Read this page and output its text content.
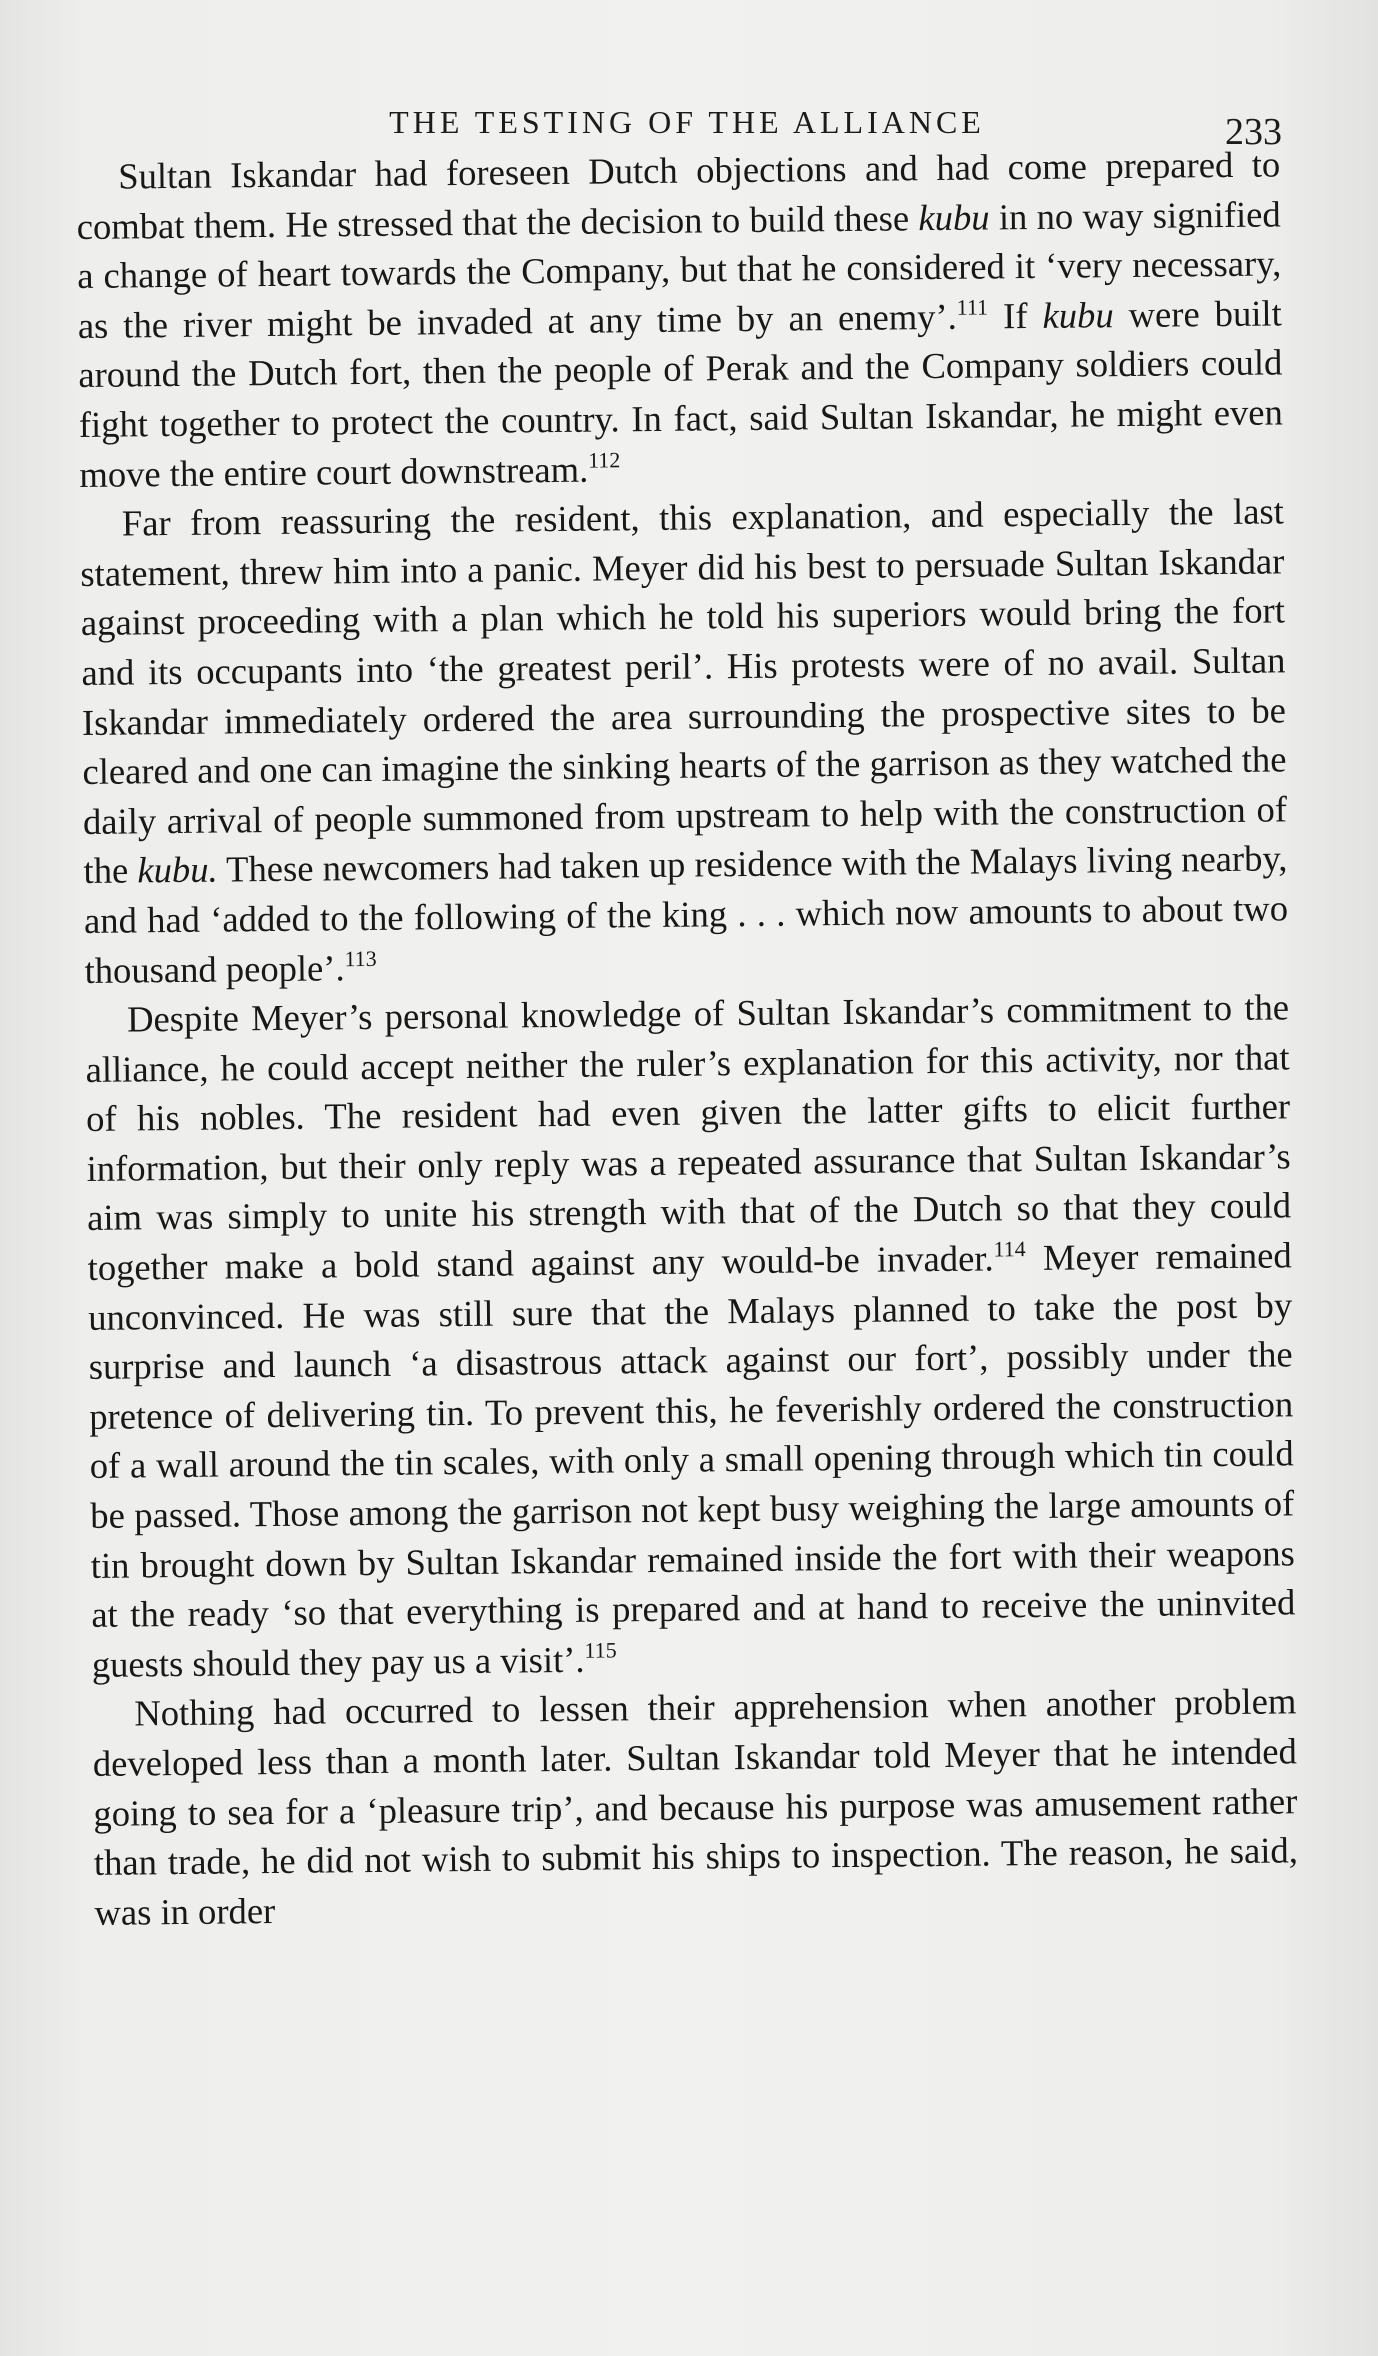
THE TESTING OF THE ALLIANCE	233

Sultan Iskandar had foreseen Dutch objections and had come prepared to combat them. He stressed that the decision to build these kubu in no way signified a change of heart towards the Company, but that he considered it ‘very necessary, as the river might be invaded at any time by an enemy’.$^{111}$ If kubu were built around the Dutch fort, then the people of Perak and the Company soldiers could fight together to protect the country. In fact, said Sultan Iskandar, he might even move the entire court downstream.$^{112}$

Far from reassuring the resident, this explanation, and especially the last statement, threw him into a panic. Meyer did his best to persuade Sultan Iskandar against proceeding with a plan which he told his superiors would bring the fort and its occupants into ‘the greatest peril’. His protests were of no avail. Sultan Iskandar immediately ordered the area surrounding the prospective sites to be cleared and one can imagine the sinking hearts of the garrison as they watched the daily arrival of people summoned from upstream to help with the construction of the kubu. These newcomers had taken up residence with the Malays living nearby, and had ‘added to the following of the king . . . which now amounts to about two thousand people’.$^{113}$

Despite Meyer’s personal knowledge of Sultan Iskandar’s commitment to the alliance, he could accept neither the ruler’s explanation for this activity, nor that of his nobles. The resident had even given the latter gifts to elicit further information, but their only reply was a repeated assurance that Sultan Iskandar’s aim was simply to unite his strength with that of the Dutch so that they could together make a bold stand against any would-be invader.$^{114}$ Meyer remained unconvinced. He was still sure that the Malays planned to take the post by surprise and launch ‘a disastrous attack against our fort’, possibly under the pretence of delivering tin. To prevent this, he feverishly ordered the construction of a wall around the tin scales, with only a small opening through which tin could be passed. Those among the garrison not kept busy weighing the large amounts of tin brought down by Sultan Iskandar remained inside the fort with their weapons at the ready ‘so that everything is prepared and at hand to receive the uninvited guests should they pay us a visit’.$^{115}$

Nothing had occurred to lessen their apprehension when another problem developed less than a month later. Sultan Iskandar told Meyer that he intended going to sea for a ‘pleasure trip’, and because his purpose was amusement rather than trade, he did not wish to submit his ships to inspection. The reason, he said, was in order
